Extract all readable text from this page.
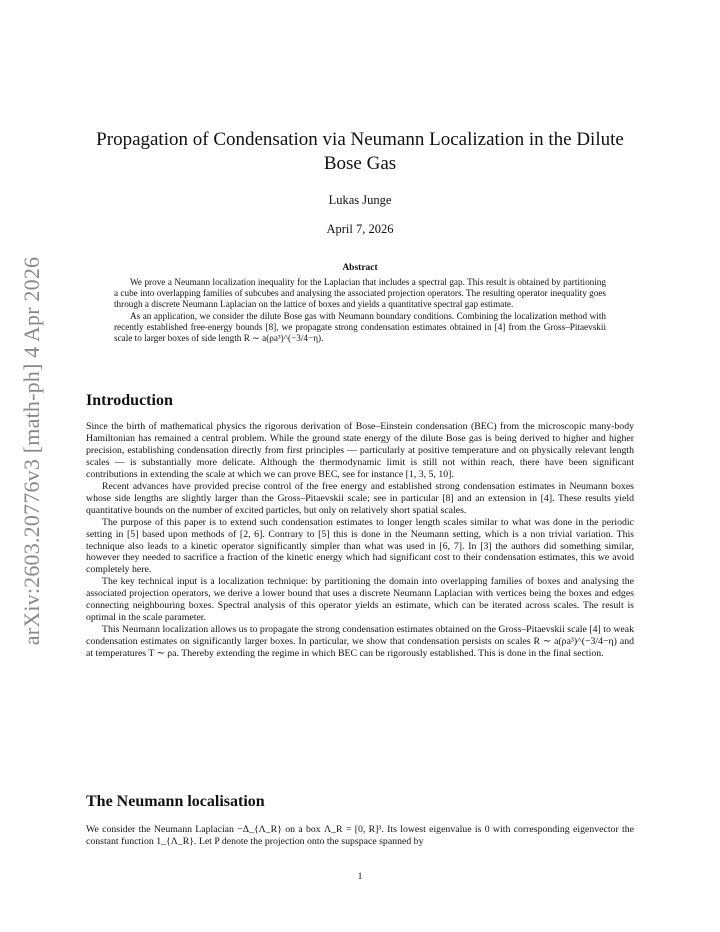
arXiv:2603.20776v3 [math-ph] 4 Apr 2026
Propagation of Condensation via Neumann Localization in the Dilute Bose Gas
Lukas Junge
April 7, 2026
Abstract

We prove a Neumann localization inequality for the Laplacian that includes a spectral gap. This result is obtained by partitioning a cube into overlapping families of subcubes and analysing the associated projection operators. The resulting operator inequality goes through a discrete Neumann Laplacian on the lattice of boxes and yields a quantitative spectral gap estimate.

As an application, we consider the dilute Bose gas with Neumann boundary conditions. Combining the localization method with recently established free-energy bounds [8], we propagate strong condensation estimates obtained in [4] from the Gross–Pitaevskii scale to larger boxes of side length R ∼ a(ρa³)^(−3/4−η).

Introduction

Since the birth of mathematical physics the rigorous derivation of Bose–Einstein condensation (BEC) from the microscopic many-body Hamiltonian has remained a central problem. While the ground state energy of the dilute Bose gas is being derived to higher and higher precision, establishing condensation directly from first principles — particularly at positive temperature and on physically relevant length scales — is substantially more delicate. Although the thermodynamic limit is still not within reach, there have been significant contributions in extending the scale at which we can prove BEC, see for instance [1, 3, 5, 10].

Recent advances have provided precise control of the free energy and established strong condensation estimates in Neumann boxes whose side lengths are slightly larger than the Gross–Pitaevskii scale; see in particular [8] and an extension in [4]. These results yield quantitative bounds on the number of excited particles, but only on relatively short spatial scales.

The purpose of this paper is to extend such condensation estimates to longer length scales similar to what was done in the periodic setting in [5] based upon methods of [2, 6]. Contrary to [5] this is done in the Neumann setting, which is a non trivial variation. This technique also leads to a kinetic operator significantly simpler than what was used in [6, 7]. In [3] the authors did something similar, however they needed to sacrifice a fraction of the kinetic energy which had significant cost to their condensation estimates, this we avoid completely here.

The key technical input is a localization technique: by partitioning the domain into overlapping families of boxes and analysing the associated projection operators, we derive a lower bound that uses a discrete Neumann Laplacian with vertices being the boxes and edges connecting neighbouring boxes. Spectral analysis of this operator yields an estimate, which can be iterated across scales. The result is optimal in the scale parameter.

This Neumann localization allows us to propagate the strong condensation estimates obtained on the Gross–Pitaevskii scale [4] to weak condensation estimates on significantly larger boxes. In particular, we show that condensation persists on scales R ∼ a(ρa³)^(−3/4−η) and at temperatures T ∼ ρa. Thereby extending the regime in which BEC can be rigorously established. This is done in the final section.

The Neumann localisation

We consider the Neumann Laplacian −Δ_{Λ_R} on a box Λ_R = [0, R]³. Its lowest eigenvalue is 0 with corresponding eigenvector the constant function 1_{Λ_R}. Let P denote the projection onto the supspace spanned by

1
